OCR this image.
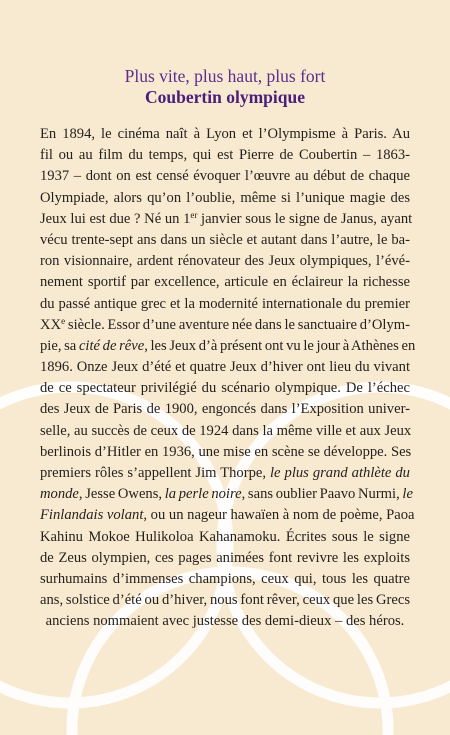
Plus vite, plus haut, plus fort
Coubertin olympique
En 1894, le cinéma naît à Lyon et l’Olympisme à Paris. Au
fil ou au film du temps, qui est Pierre de Coubertin – 1863-
1937 – dont on est censé évoquer l’œuvre au début de chaque
Olympiade, alors qu’on l’oublie, même si l’unique magie des
Jeux lui est due ? Né un 1er janvier sous le signe de Janus, ayant
vécu trente-sept ans dans un siècle et autant dans l’autre, le ba-
ron visionnaire, ardent rénovateur des Jeux olympiques, l’évé-
nement sportif par excellence, articule en éclaireur la richesse
du passé antique grec et la modernité internationale du premier
XXe siècle. Essor d’une aventure née dans le sanctuaire d’Olym-
pie, sa cité de rêve, les Jeux d’à présent ont vu le jour à Athènes en
1896. Onze Jeux d’été et quatre Jeux d’hiver ont lieu du vivant
de ce spectateur privilégié du scénario olympique. De l’échec
des Jeux de Paris de 1900, engoncés dans l’Exposition univer-
selle, au succès de ceux de 1924 dans la même ville et aux Jeux
berlinois d’Hitler en 1936, une mise en scène se développe. Ses
premiers rôles s’appellent Jim Thorpe, le plus grand athlète du
monde, Jesse Owens, la perle noire, sans oublier Paavo Nurmi, le
Finlandais volant, ou un nageur hawaïen à nom de poème, Paoa
Kahinu Mokoe Hulikoloa Kahanamoku. Écrites sous le signe
de Zeus olympien, ces pages animées font revivre les exploits
surhumains d’immenses champions, ceux qui, tous les quatre
ans, solstice d’été ou d’hiver, nous font rêver, ceux que les Grecs
anciens nommaient avec justesse des demi-dieux – des héros.
